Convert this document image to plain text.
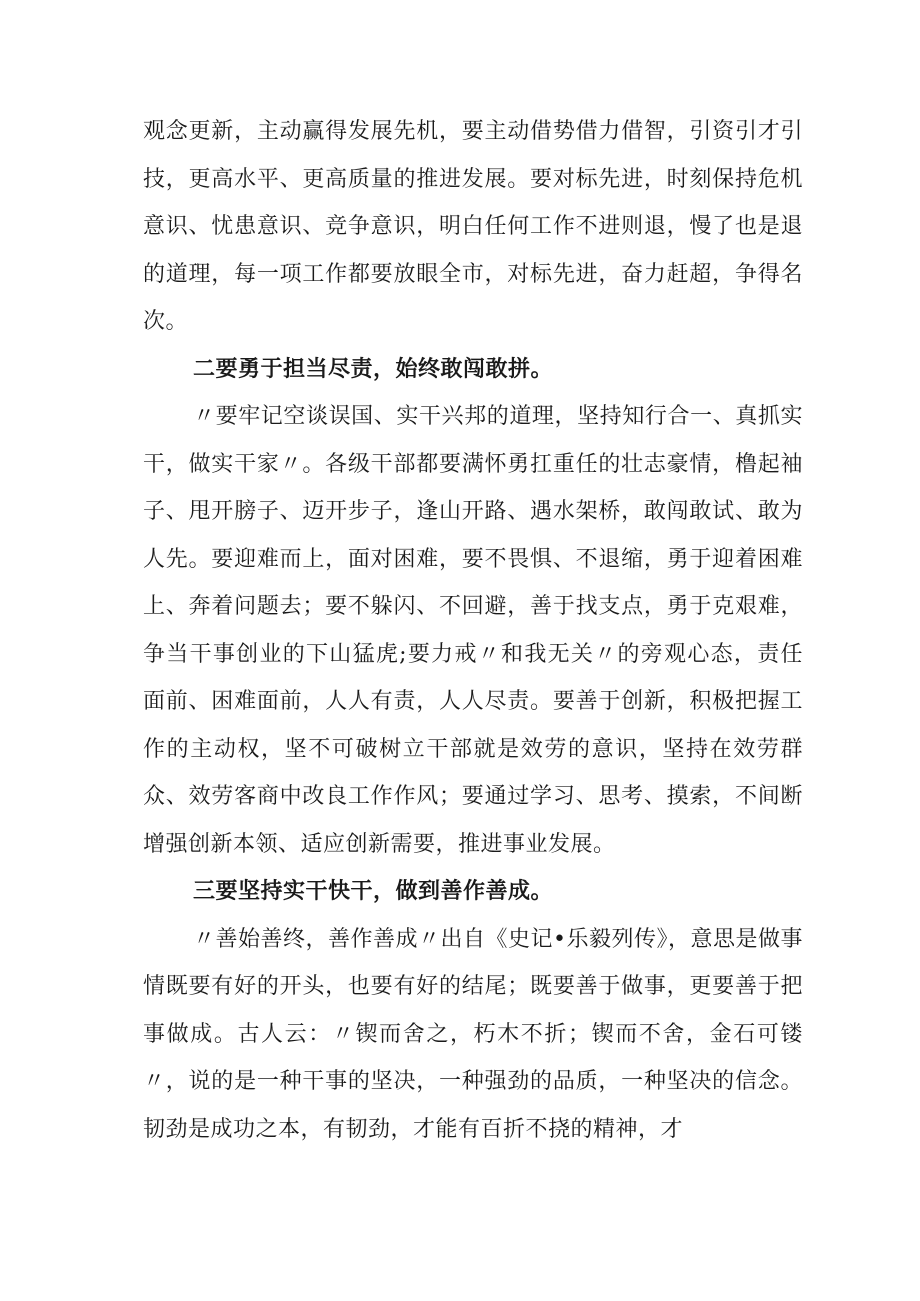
观念更新，主动赢得发展先机，要主动借势借力借智，引资引才引技，更高水平、更高质量的推进发展。要对标先进，时刻保持危机意识、忧患意识、竞争意识，明白任何工作不进则退，慢了也是退的道理，每一项工作都要放眼全市，对标先进，奋力赶超，争得名次。

二要勇于担当尽责，始终敢闯敢拼。

〃要牢记空谈误国、实干兴邦的道理，坚持知行合一、真抓实干，做实干家〃。各级干部都要满怀勇扛重任的壮志豪情，橹起袖子、甩开膀子、迈开步子，逢山开路、遇水架桥，敢闯敢试、敢为人先。要迎难而上，面对困难，要不畏惧、不退缩，勇于迎着困难上、奔着问题去；要不躲闪、不回避，善于找支点，勇于克艰难，争当干事创业的下山猛虎;要力戒〃和我无关〃的旁观心态，责任面前、困难面前，人人有责，人人尽责。要善于创新，积极把握工作的主动权，坚不可破树立干部就是效劳的意识，坚持在效劳群众、效劳客商中改良工作作风；要通过学习、思考、摸索，不间断增强创新本领、适应创新需要，推进事业发展。

三要坚持实干快干，做到善作善成。

〃善始善终，善作善成〃出自《史记•乐毅列传》，意思是做事情既要有好的开头，也要有好的结尾；既要善于做事，更要善于把事做成。古人云：〃锲而舍之，朽木不折；锲而不舍，金石可镂〃，说的是一种干事的坚决，一种强劲的品质，一种坚决的信念。韧劲是成功之本，有韧劲，才能有百折不挠的精神，才
